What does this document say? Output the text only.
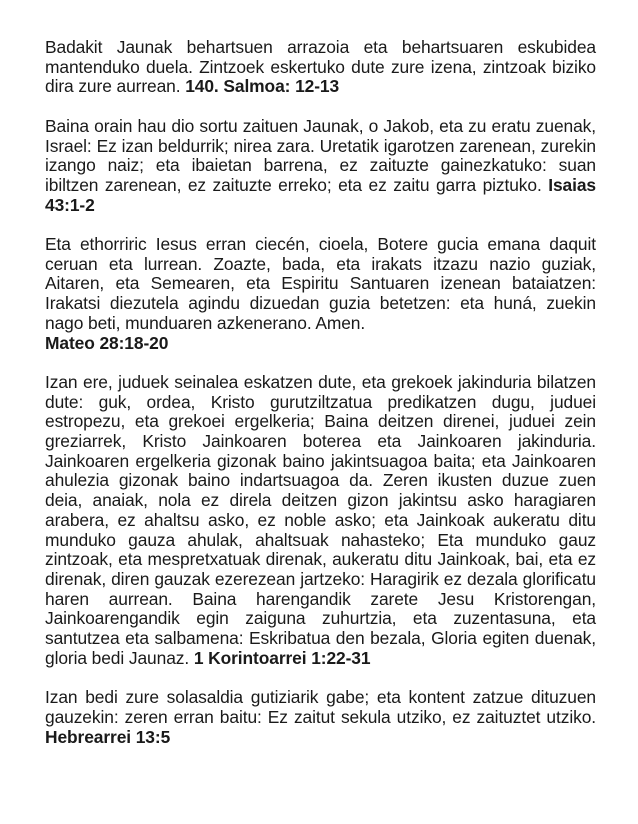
Badakit Jaunak behartsuen arrazoia eta behartsuaren eskubidea mantenduko duela. Zintzoek eskertuko dute zure izena, zintzoak biziko dira zure aurrean. 140. Salmoa: 12-13

Baina orain hau dio sortu zaituen Jaunak, o Jakob, eta zu eratu zuenak, Israel: Ez izan beldurrik; nirea zara. Uretatik igarotzen zarenean, zurekin izango naiz; eta ibaietan barrena, ez zaituzte gainezkatuko: suan ibiltzen zarenean, ez zaituzte erreko; eta ez zaitu garra piztuko. Isaias 43:1-2

Eta ethorriric Iesus erran ciecén, cioela, Botere gucia emana daquit ceruan eta lurrean. Zoazte, bada, eta irakats itzazu nazio guziak, Aitaren, eta Semearen, eta Espiritu Santuaren izenean bataiatzen: Irakatsi diezutela agindu dizuedan guzia betetzen: eta huná, zuekin nago beti, munduaren azkenerano. Amen.
Mateo 28:18-20

Izan ere, juduek seinalea eskatzen dute, eta grekoek jakinduria bilatzen dute: guk, ordea, Kristo gurutziltzatua predikatzen dugu, juduei estropezu, eta grekoei ergelkeria; Baina deitzen direnei, juduei zein greziarrek, Kristo Jainkoaren boterea eta Jainkoaren jakinduria. Jainkoaren ergelkeria gizonak baino jakintsuagoa baita; eta Jainkoaren ahulezia gizonak baino indartsuagoa da. Zeren ikusten duzue zuen deia, anaiak, nola ez direla deitzen gizon jakintsu asko haragiaren arabera, ez ahaltsu asko, ez noble asko; eta Jainkoak aukeratu ditu munduko gauza ahulak, ahaltsuak nahasteko; Eta munduko gauz zintzoak, eta mespretxatuak direnak, aukeratu ditu Jainkoak, bai, eta ez direnak, diren gauzak ezerezean jartzeko: Haragirik ez dezala glorificatu haren aurrean. Baina harengandik zarete Jesu Kristorengan, Jainkoarengandik egin zaiguna zuhurtzia, eta zuzentasuna, eta santutzea eta salbamena: Eskribatua den bezala, Gloria egiten duenak, gloria bedi Jaunaz. 1 Korintoarrei 1:22-31

Izan bedi zure solasaldia gutiziarik gabe; eta kontent zatzue dituzuen gauzekin: zeren erran baitu: Ez zaitut sekula utziko, ez zaituztet utziko. Hebrearrei 13:5
